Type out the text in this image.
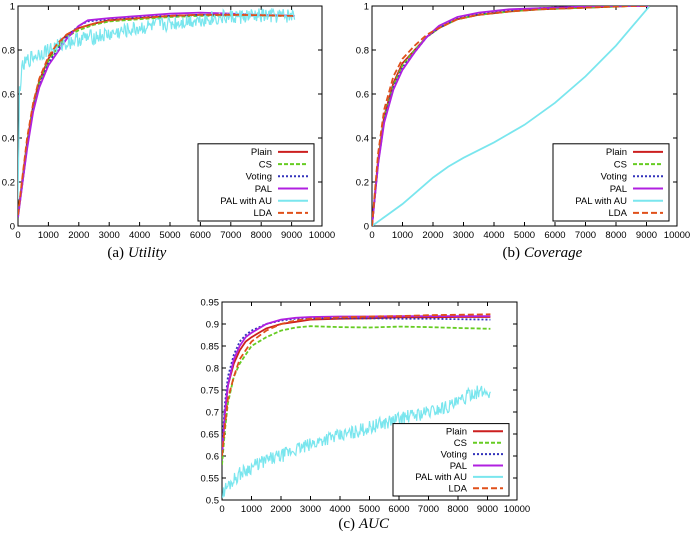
0 1000 2000 3000 4000 5000 6000 7000 8000 9000 10000
0
0.2
0.4
0.6
0.8
1
Plain
CS
Voting
PAL
PAL with AU
LDA
(a) Utility
0 1000 2000 3000 4000 5000 6000 7000 8000 9000 10000
0
0.2
0.4
0.6
0.8
1
Plain
CS
Voting
PAL
PAL with AU
LDA
(b) Coverage
0 1000 2000 3000 4000 5000 6000 7000 8000 9000 10000
0.5
0.55
0.6
0.65
0.7
0.75
0.8
0.85
0.9
0.95
Plain
CS
Voting
PAL
PAL with AU
LDA
(c) AUC
